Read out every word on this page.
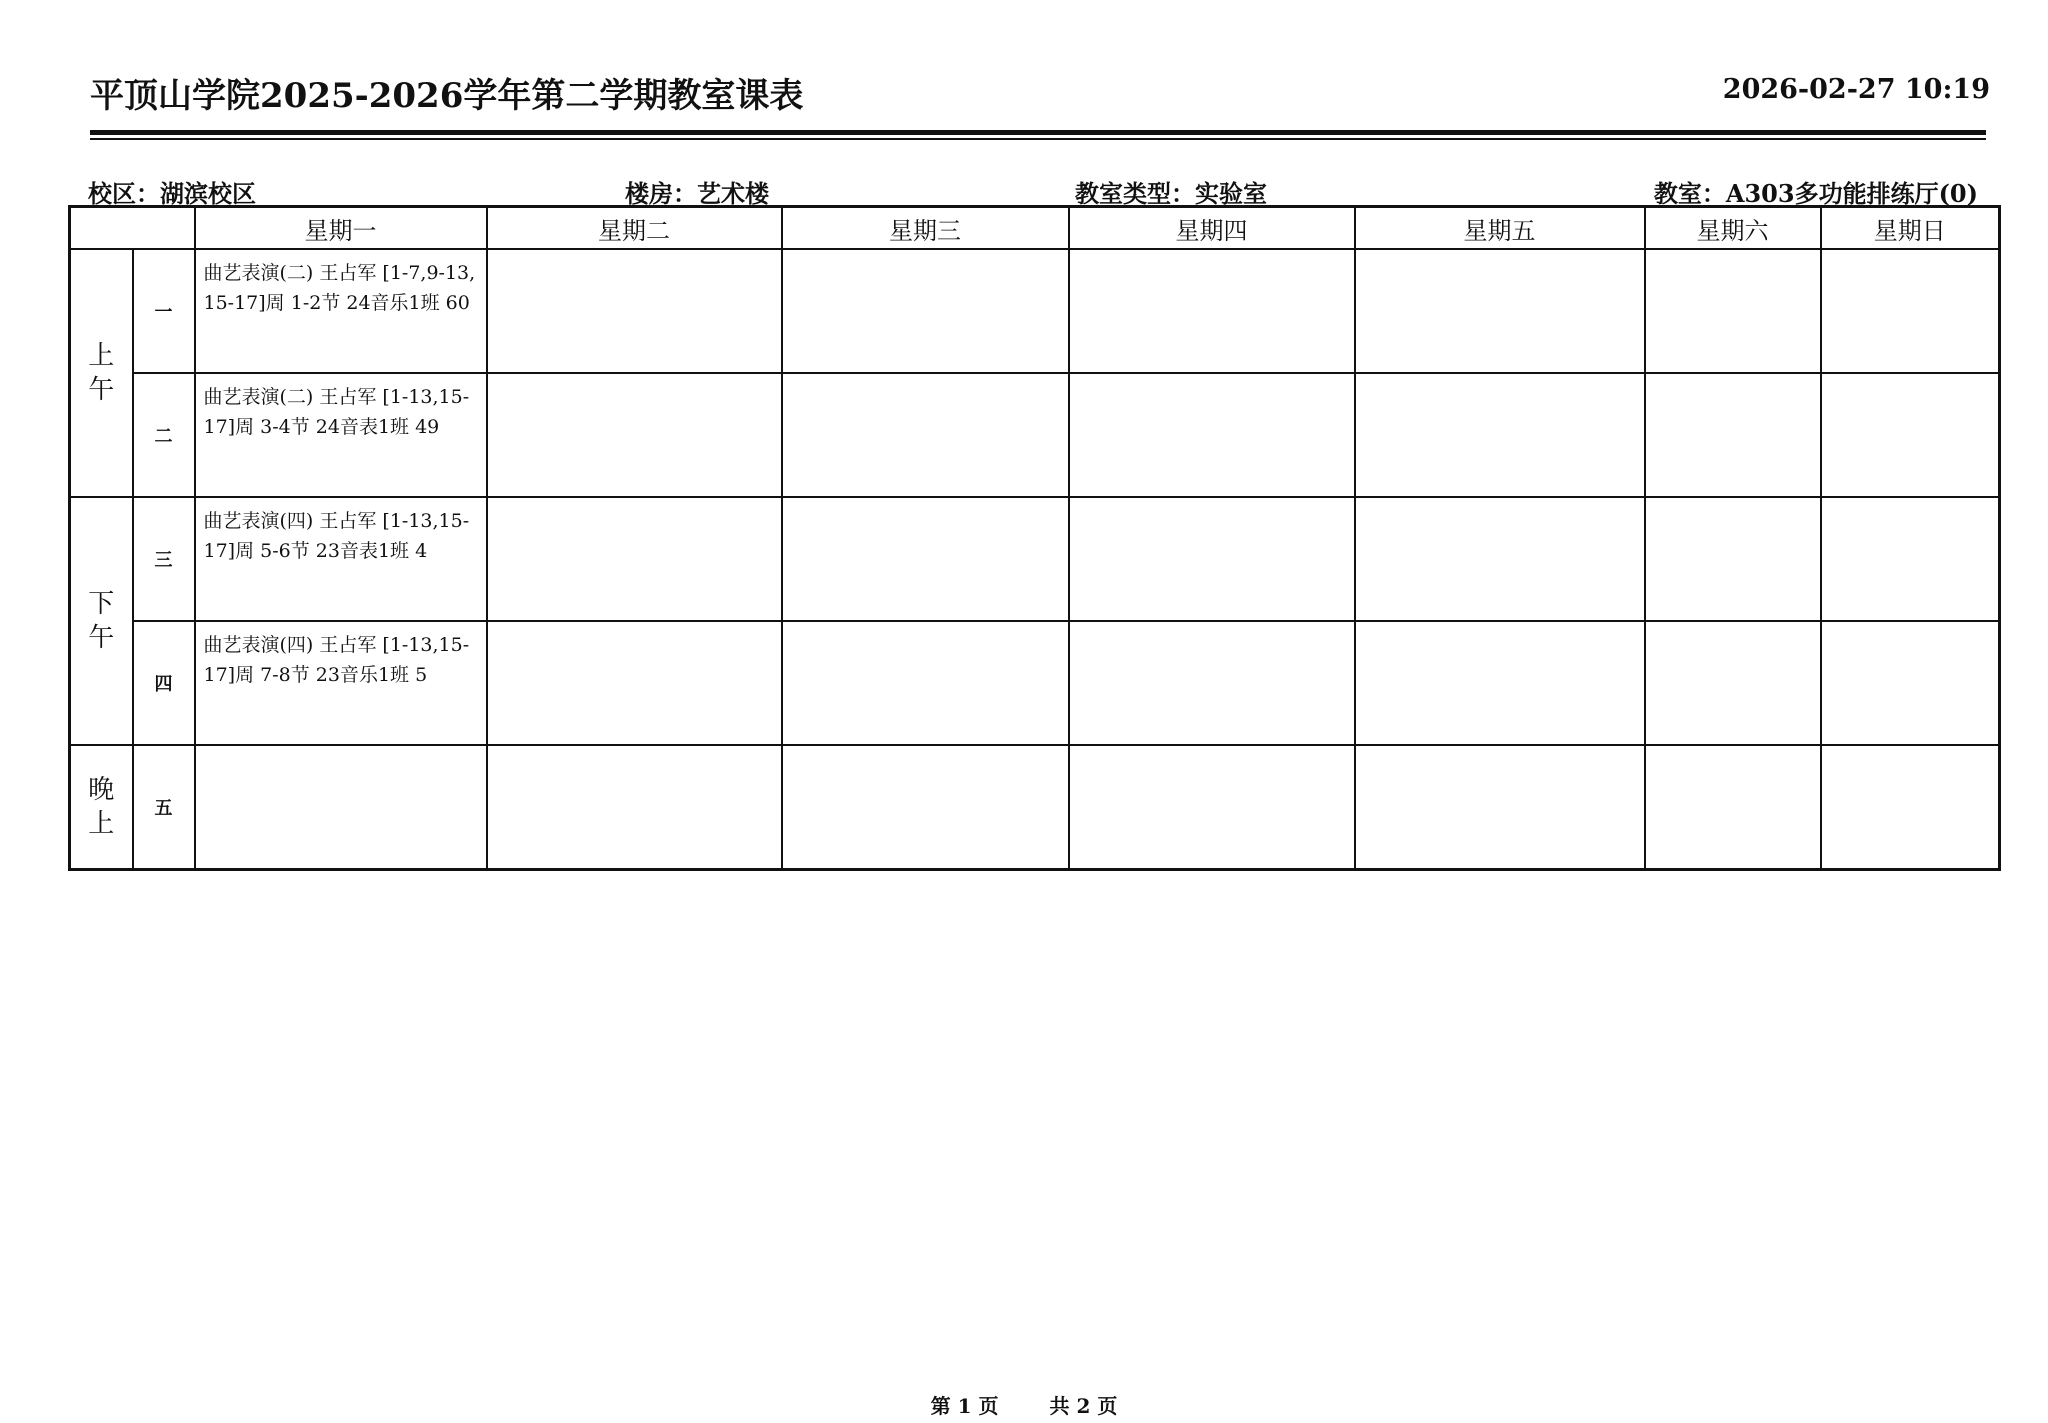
平顶山学院2025-2026学年第二学期教室课表	2026-02-27 10:19
校区：湖滨校区	楼房：艺术楼	教室类型：实验室	教室：A303多功能排练厅(0)
		星期一	星期二	星期三	星期四	星期五	星期六	星期日
上午	一	曲艺表演(二) 王占军 [1-7,9-13,15-17]周 1-2节 24音乐1班 60						
	二	曲艺表演(二) 王占军 [1-13,15-17]周 3-4节 24音表1班 49						
下午	三	曲艺表演(四) 王占军 [1-13,15-17]周 5-6节 23音表1班 4						
	四	曲艺表演(四) 王占军 [1-13,15-17]周 7-8节 23音乐1班 5						
晚上	五							
第 1 页	共 2 页
